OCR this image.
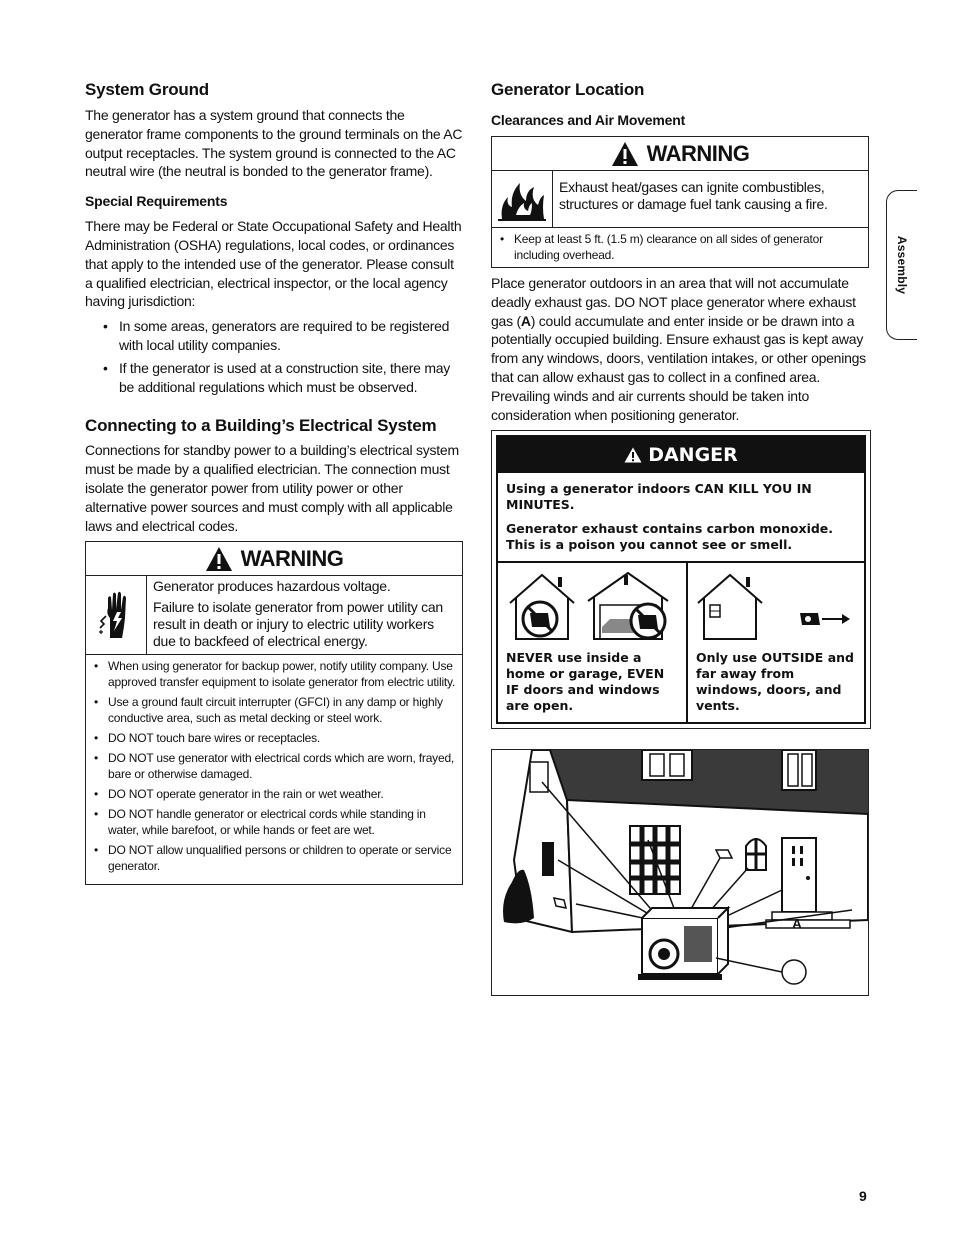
System Ground

The generator has a system ground that connects the generator frame components to the ground terminals on the AC output receptacles. The system ground is connected to the AC neutral wire (the neutral is bonded to the generator frame).

Special Requirements

There may be Federal or State Occupational Safety and Health Administration (OSHA) regulations, local codes, or ordinances that apply to the intended use of the generator. Please consult a qualified electrician, electrical inspector, or the local agency having jurisdiction:

• In some areas, generators are required to be registered with local utility companies.
• If the generator is used at a construction site, there may be additional regulations which must be observed.
Connecting to a Building’s Electrical System

Connections for standby power to a building’s electrical system must be made by a qualified electrician. The connection must isolate the generator power from utility power or other alternative power sources and must comply with all applicable laws and electrical codes.

WARNING

Generator produces hazardous voltage.

Failure to isolate generator from power utility can result in death or injury to electric utility workers due to backfeed of electrical energy.

• When using generator for backup power, notify utility company. Use approved transfer equipment to isolate generator from electric utility.
• Use a ground fault circuit interrupter (GFCI) in any damp or highly conductive area, such as metal decking or steel work.
• DO NOT touch bare wires or receptacles.
• DO NOT use generator with electrical cords which are worn, frayed, bare or otherwise damaged.
• DO NOT operate generator in the rain or wet weather.
• DO NOT handle generator or electrical cords while standing in water, while barefoot, or while hands or feet are wet.
• DO NOT allow unqualified persons or children to operate or service generator.
Generator Location
Clearances and Air Movement
WARNING

Exhaust heat/gases can ignite combustibles, structures or damage fuel tank causing a fire.

• Keep at least 5 ft. (1.5 m) clearance on all sides of generator including overhead.

Place generator outdoors in an area that will not accumulate deadly exhaust gas. DO NOT place generator where exhaust gas (A) could accumulate and enter inside or be drawn into a potentially occupied building. Ensure exhaust gas is kept away from any windows, doors, ventilation intakes, or other openings that can allow exhaust gas to collect in a confined area. Prevailing winds and air currents should be taken into consideration when positioning generator.

DANGER

Using a generator indoors CAN KILL YOU IN MINUTES.

Generator exhaust contains carbon monoxide. This is a poison you cannot see or smell.

NEVER use inside a home or garage, EVEN IF doors and windows are open.
Only use OUTSIDE and far away from windows, doors, and vents.
A
Assembly
9
